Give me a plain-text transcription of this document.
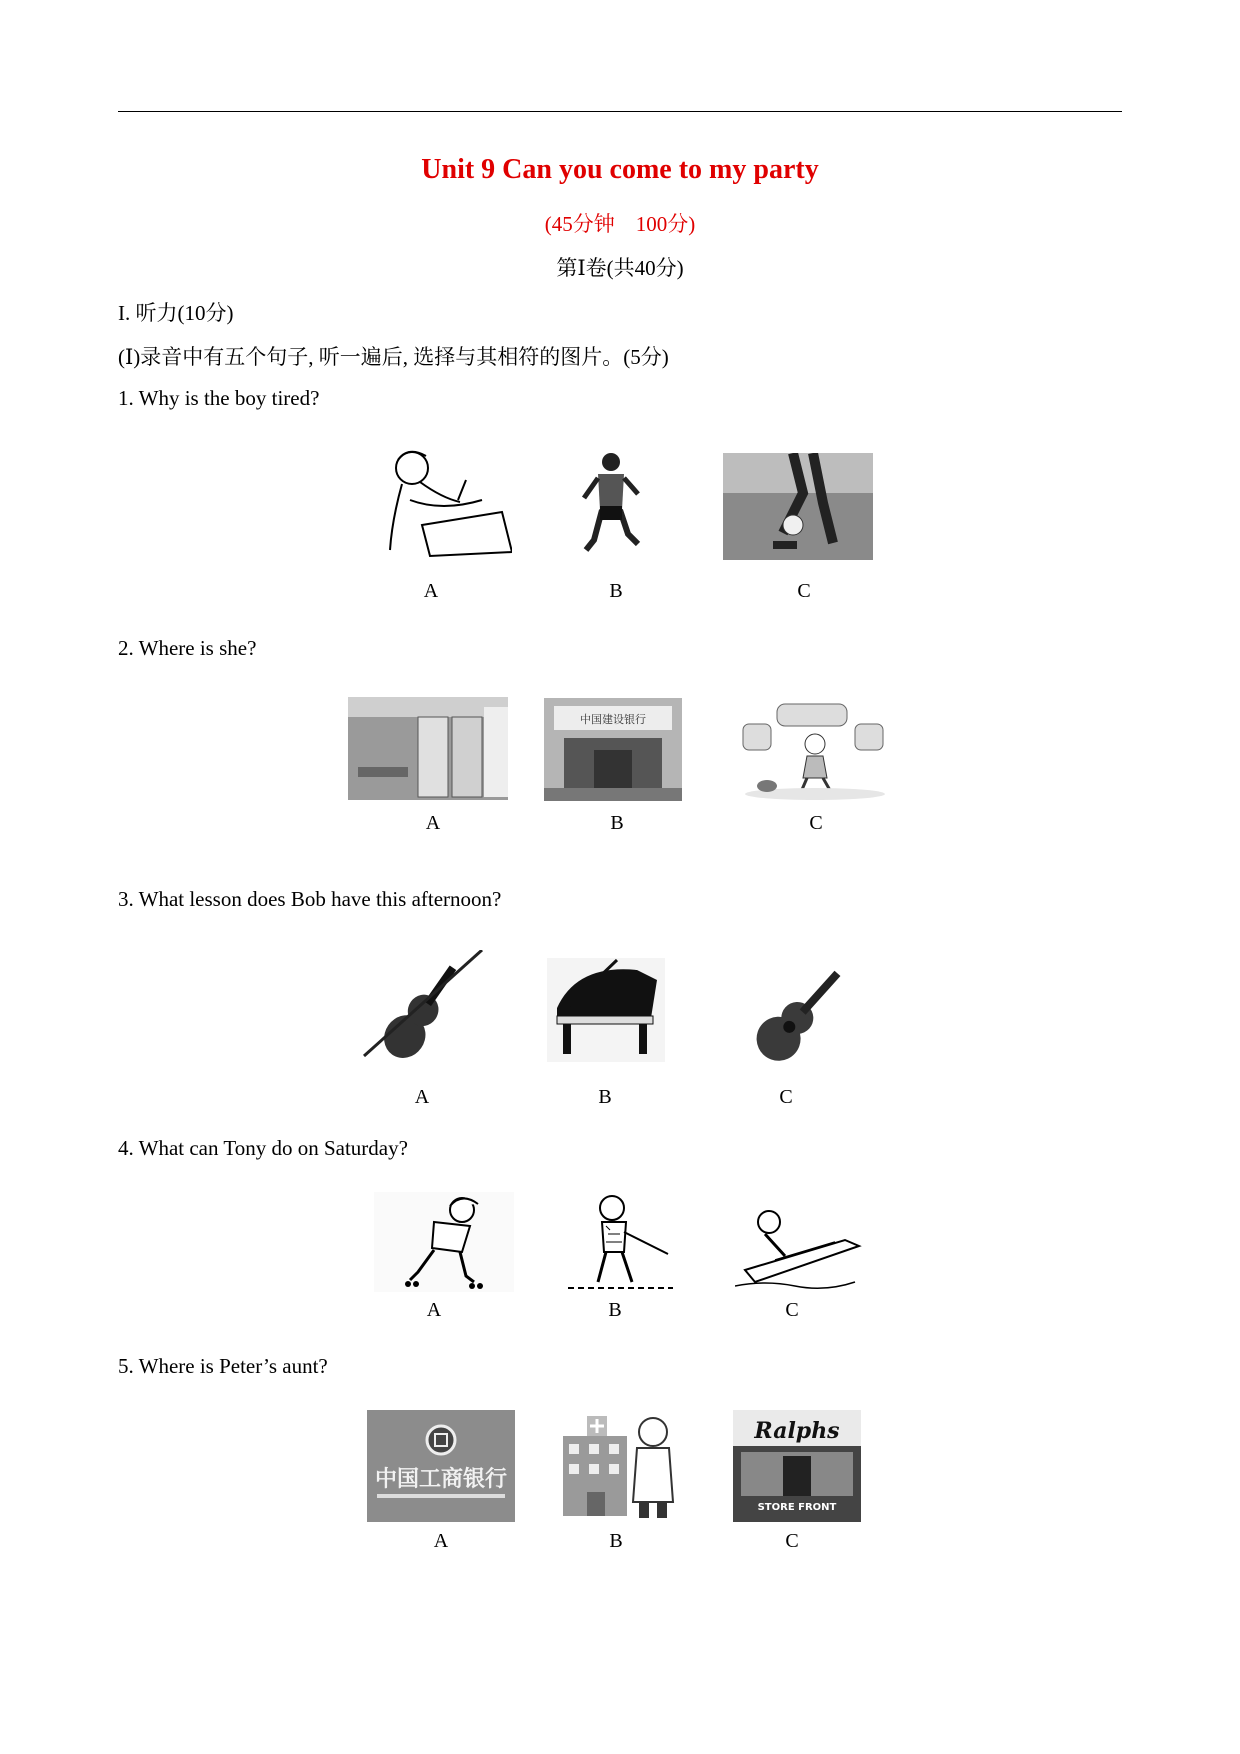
Unit 9 Can you come to my party
(45分钟　100分)
第Ⅰ卷(共40分)
I. 听力(10分)
(Ⅰ)录音中有五个句子, 听一遍后, 选择与其相符的图片。(5分)
1. Why is the boy tired?
A	B	C
2. Where is she?
中国建设银行
A	B	C
3. What lesson does Bob have this afternoon?
A	B	C
4. What can Tony do on Saturday?
A	B	C
5. Where is Peter’s aunt?
中国工商银行
Ralphs
STORE FRONT
A	B	C
